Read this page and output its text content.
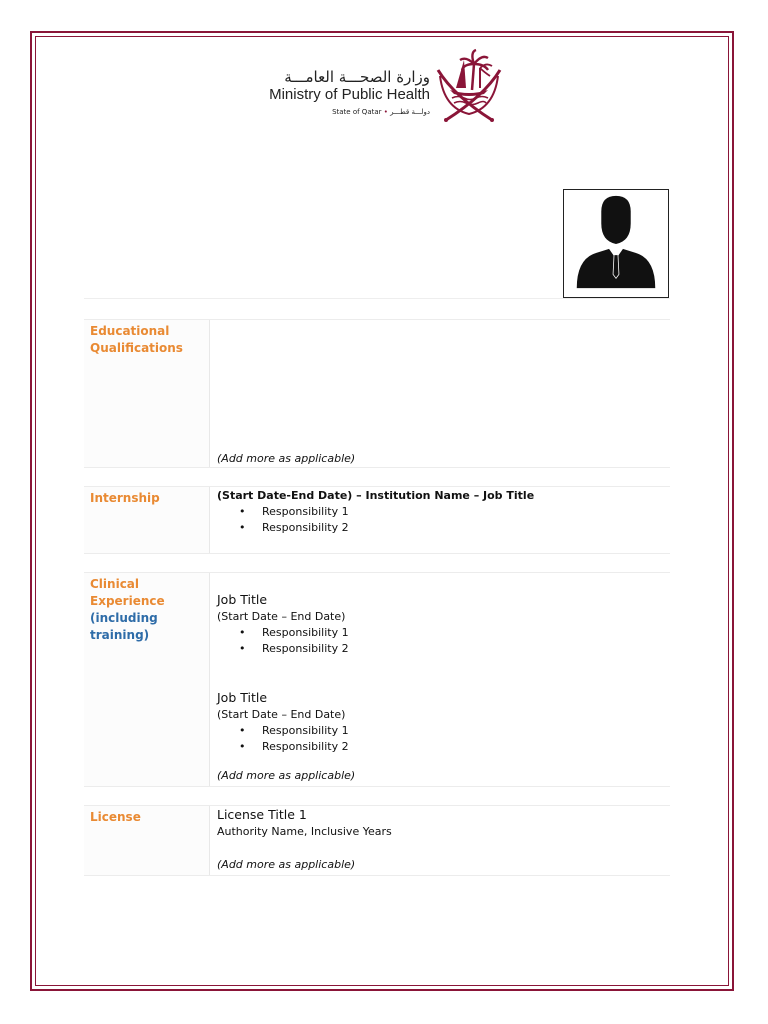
وزارة الصحـــة العامـــة
Ministry of Public Health
State of Qatar • دولـــة قطـــر
Educational Qualifications
(Add more as applicable)
Internship	(Start Date-End Date) – Institution Name – Job Title
Responsibility 1
Responsibility 2
Clinical Experience
(including training)
Job Title
(Start Date – End Date)
Responsibility 1
Responsibility 2
Job Title
(Start Date – End Date)
Responsibility 1
Responsibility 2
(Add more as applicable)
License	License Title 1
Authority Name, Inclusive Years
(Add more as applicable)
